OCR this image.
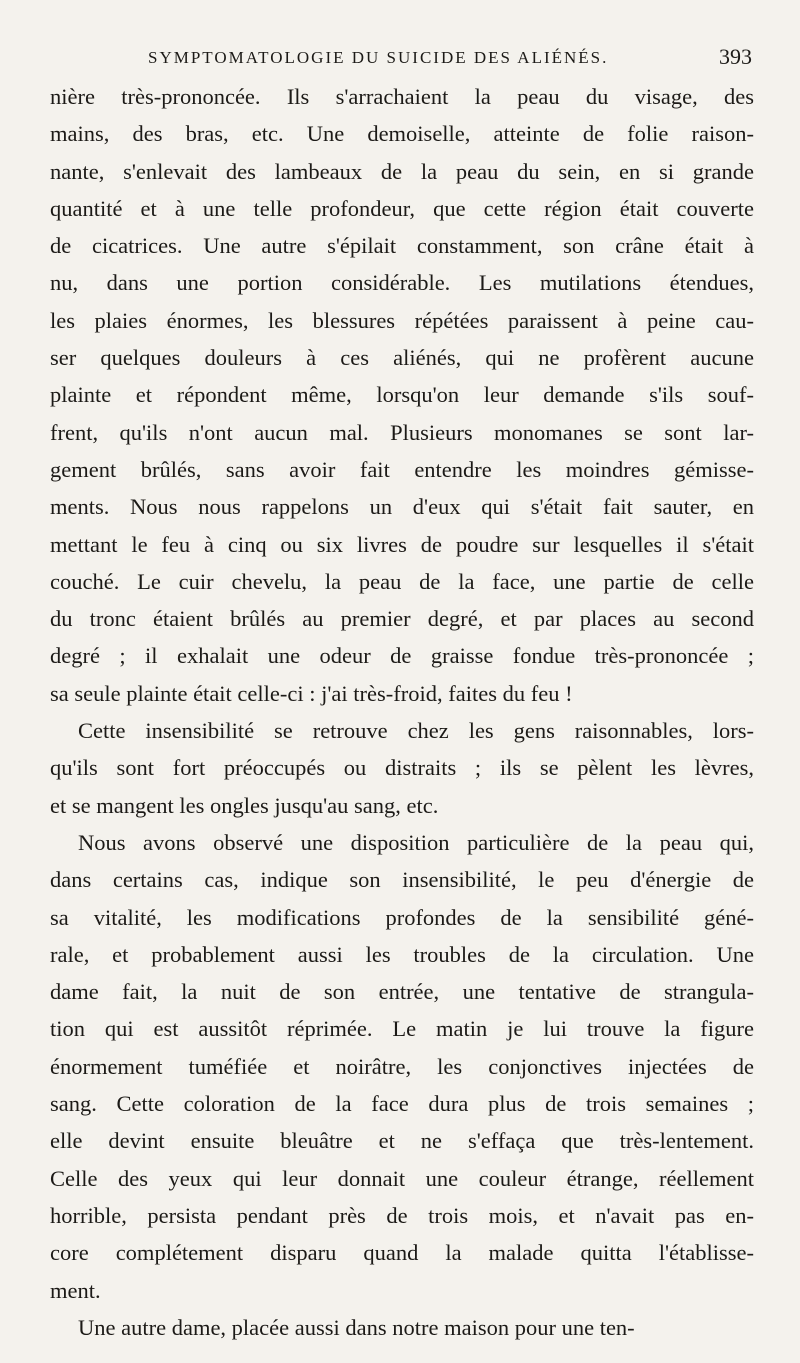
SYMPTOMATOLOGIE DU SUICIDE DES ALIÉNÉS.	393
nière très-prononcée. Ils s'arrachaient la peau du visage, des
mains, des bras, etc. Une demoiselle, atteinte de folie raison-
nante, s'enlevait des lambeaux de la peau du sein, en si grande
quantité et à une telle profondeur, que cette région était couverte
de cicatrices. Une autre s'épilait constamment, son crâne était à
nu, dans une portion considérable. Les mutilations étendues,
les plaies énormes, les blessures répétées paraissent à peine cau-
ser quelques douleurs à ces aliénés, qui ne profèrent aucune
plainte et répondent même, lorsqu'on leur demande s'ils souf-
frent, qu'ils n'ont aucun mal. Plusieurs monomanes se sont lar-
gement brûlés, sans avoir fait entendre les moindres gémisse-
ments. Nous nous rappelons un d'eux qui s'était fait sauter, en
mettant le feu à cinq ou six livres de poudre sur lesquelles il s'était
couché. Le cuir chevelu, la peau de la face, une partie de celle
du tronc étaient brûlés au premier degré, et par places au second
degré ; il exhalait une odeur de graisse fondue très-prononcée ;
sa seule plainte était celle-ci : j'ai très-froid, faites du feu !
Cette insensibilité se retrouve chez les gens raisonnables, lors-
qu'ils sont fort préoccupés ou distraits ; ils se pèlent les lèvres,
et se mangent les ongles jusqu'au sang, etc.
Nous avons observé une disposition particulière de la peau qui,
dans certains cas, indique son insensibilité, le peu d'énergie de
sa vitalité, les modifications profondes de la sensibilité géné-
rale, et probablement aussi les troubles de la circulation. Une
dame fait, la nuit de son entrée, une tentative de strangula-
tion qui est aussitôt réprimée. Le matin je lui trouve la figure
énormement tuméfiée et noirâtre, les conjonctives injectées de
sang. Cette coloration de la face dura plus de trois semaines ;
elle devint ensuite bleuâtre et ne s'effaça que très-lentement.
Celle des yeux qui leur donnait une couleur étrange, réellement
horrible, persista pendant près de trois mois, et n'avait pas en-
core complétement disparu quand la malade quitta l'établisse-
ment.
Une autre dame, placée aussi dans notre maison pour une ten-
